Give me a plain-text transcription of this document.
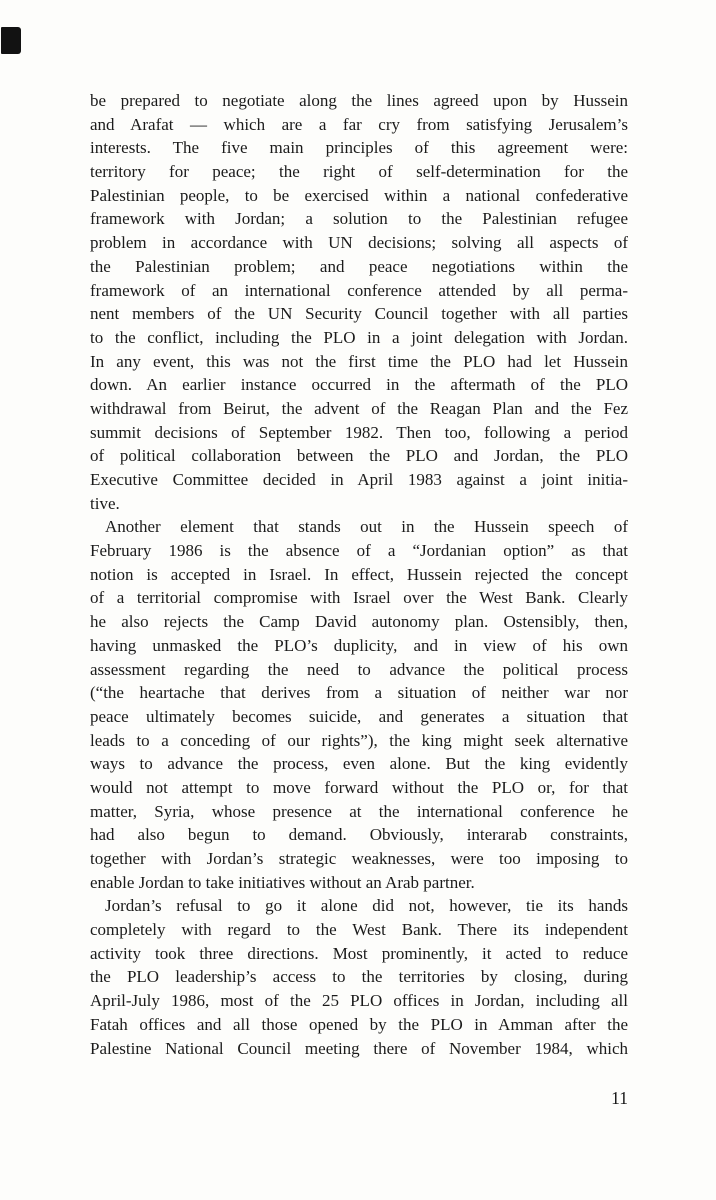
be prepared to negotiate along the lines agreed upon by Hussein
and Arafat — which are a far cry from satisfying Jerusalem’s
interests. The five main principles of this agreement were:
territory for peace; the right of self-determination for the
Palestinian people, to be exercised within a national confederative
framework with Jordan; a solution to the Palestinian refugee
problem in accordance with UN decisions; solving all aspects of
the Palestinian problem; and peace negotiations within the
framework of an international conference attended by all perma-
nent members of the UN Security Council together with all parties
to the conflict, including the PLO in a joint delegation with Jordan.
In any event, this was not the first time the PLO had let Hussein
down. An earlier instance occurred in the aftermath of the PLO
withdrawal from Beirut, the advent of the Reagan Plan and the Fez
summit decisions of September 1982. Then too, following a period
of political collaboration between the PLO and Jordan, the PLO
Executive Committee decided in April 1983 against a joint initia-
tive.
Another element that stands out in the Hussein speech of
February 1986 is the absence of a “Jordanian option” as that
notion is accepted in Israel. In effect, Hussein rejected the concept
of a territorial compromise with Israel over the West Bank. Clearly
he also rejects the Camp David autonomy plan. Ostensibly, then,
having unmasked the PLO’s duplicity, and in view of his own
assessment regarding the need to advance the political process
(“the heartache that derives from a situation of neither war nor
peace ultimately becomes suicide, and generates a situation that
leads to a conceding of our rights”), the king might seek alternative
ways to advance the process, even alone. But the king evidently
would not attempt to move forward without the PLO or, for that
matter, Syria, whose presence at the international conference he
had also begun to demand. Obviously, interarab constraints,
together with Jordan’s strategic weaknesses, were too imposing to
enable Jordan to take initiatives without an Arab partner.
Jordan’s refusal to go it alone did not, however, tie its hands
completely with regard to the West Bank. There its independent
activity took three directions. Most prominently, it acted to reduce
the PLO leadership’s access to the territories by closing, during
April-July 1986, most of the 25 PLO offices in Jordan, including all
Fatah offices and all those opened by the PLO in Amman after the
Palestine National Council meeting there of November 1984, which
11
